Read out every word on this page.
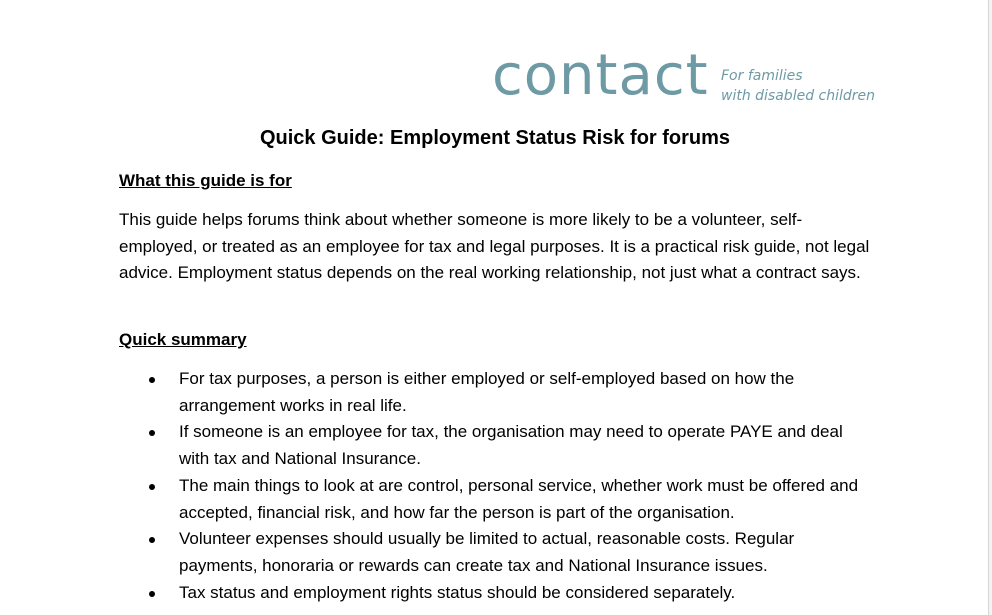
contact For families
with disabled children
Quick Guide: Employment Status Risk for forums
What this guide is for

This guide helps forums think about whether someone is more likely to be a volunteer, self-employed, or treated as an employee for tax and legal purposes. It is a practical risk guide, not legal advice. Employment status depends on the real working relationship, not just what a contract says.

Quick summary
For tax purposes, a person is either employed or self-employed based on how the arrangement works in real life.
If someone is an employee for tax, the organisation may need to operate PAYE and deal with tax and National Insurance.
The main things to look at are control, personal service, whether work must be offered and accepted, financial risk, and how far the person is part of the organisation.
Volunteer expenses should usually be limited to actual, reasonable costs. Regular payments, honoraria or rewards can create tax and National Insurance issues.
Tax status and employment rights status should be considered separately.
